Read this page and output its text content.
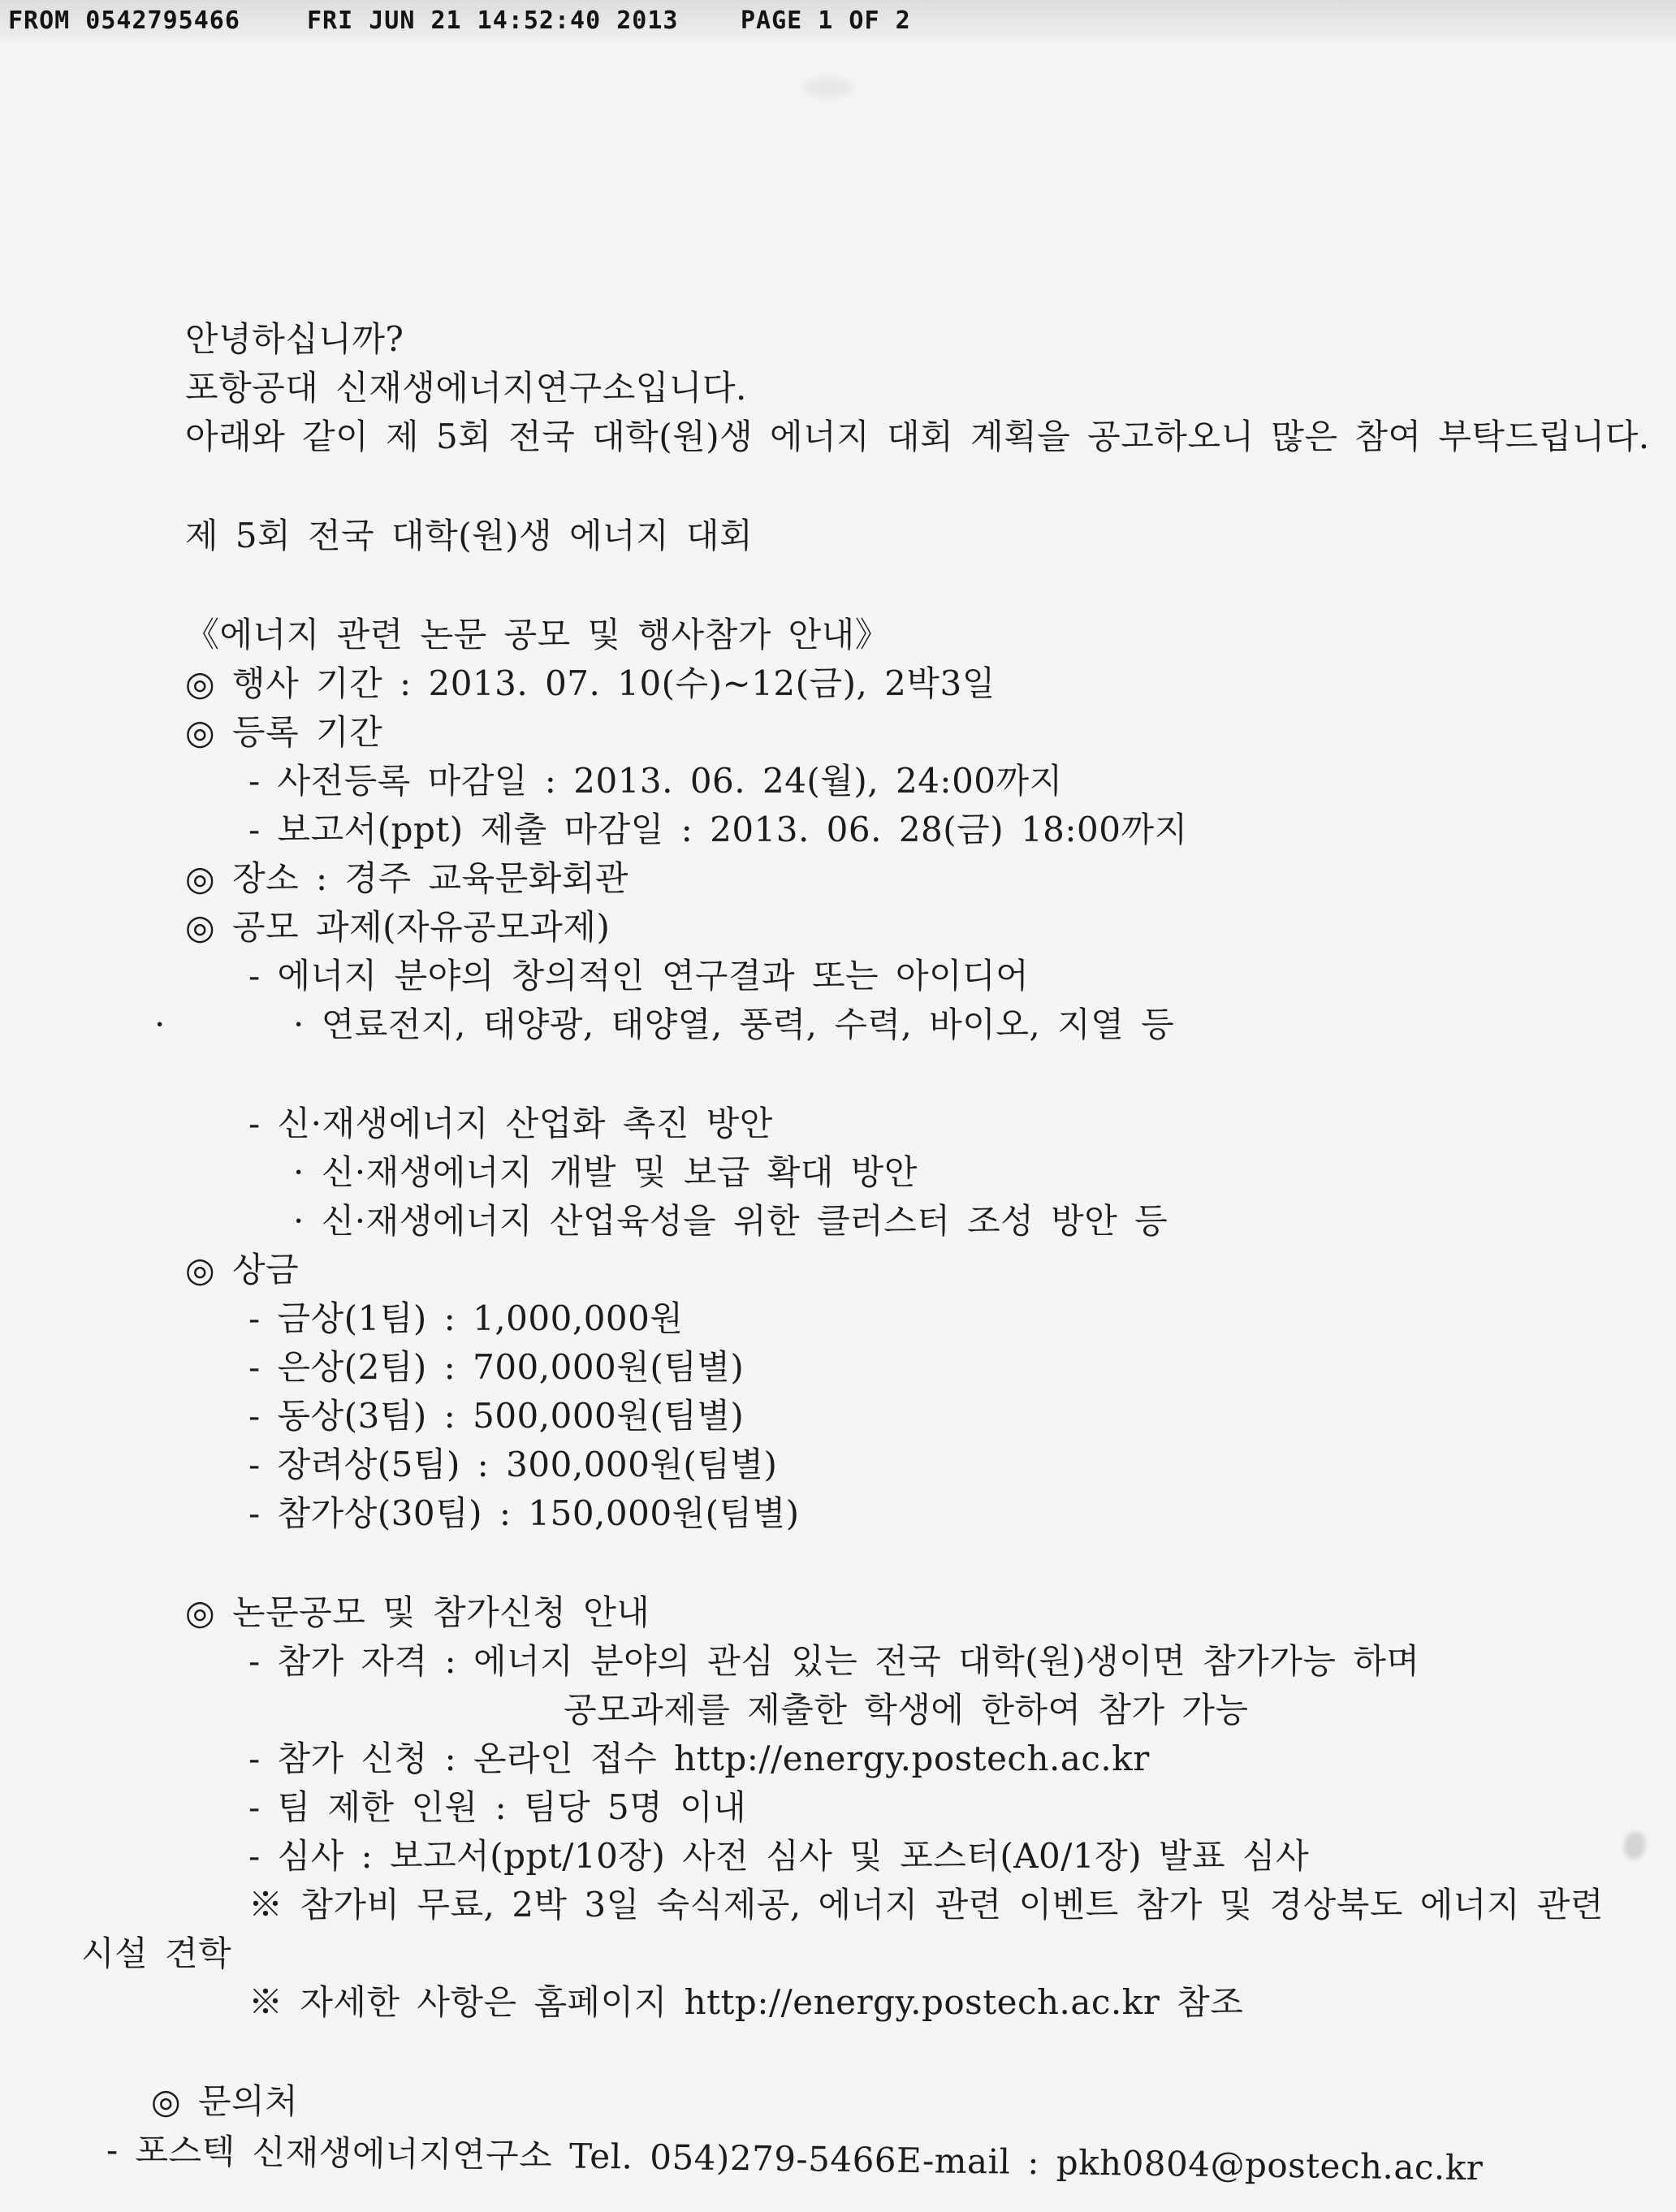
FROM 0542795466	FRI JUN 21 14:52:40 2013	PAGE 1 OF 2
안녕하십니까?
포항공대 신재생에너지연구소입니다.
아래와 같이 제 5회 전국 대학(원)생 에너지 대회 계획을 공고하오니 많은 참여 부탁드립니다.
제 5회 전국 대학(원)생 에너지 대회
《에너지 관련 논문 공모 및 행사참가 안내》
◎ 행사 기간 : 2013. 07. 10(수)~12(금), 2박3일
◎ 등록 기간
- 사전등록 마감일 : 2013. 06. 24(월), 24:00까지
- 보고서(ppt) 제출 마감일 : 2013. 06. 28(금) 18:00까지
◎ 장소 : 경주 교육문화회관
◎ 공모 과제(자유공모과제)
- 에너지 분야의 창의적인 연구결과 또는 아이디어
·	· 연료전지, 태양광, 태양열, 풍력, 수력, 바이오, 지열 등
- 신·재생에너지 산업화 촉진 방안
· 신·재생에너지 개발 및 보급 확대 방안
· 신·재생에너지 산업육성을 위한 클러스터 조성 방안 등
◎ 상금
- 금상(1팀) : 1,000,000원
- 은상(2팀) : 700,000원(팀별)
- 동상(3팀) : 500,000원(팀별)
- 장려상(5팀) : 300,000원(팀별)
- 참가상(30팀) : 150,000원(팀별)
◎ 논문공모 및 참가신청 안내
- 참가 자격 : 에너지 분야의 관심 있는 전국 대학(원)생이면 참가가능 하며
공모과제를 제출한 학생에 한하여 참가 가능
- 참가 신청 : 온라인 접수 http://energy.postech.ac.kr
- 팀 제한 인원 : 팀당 5명 이내
- 심사 : 보고서(ppt/10장) 사전 심사 및 포스터(A0/1장) 발표 심사
※ 참가비 무료, 2박 3일 숙식제공, 에너지 관련 이벤트 참가 및 경상북도 에너지 관련
시설 견학
※ 자세한 사항은 홈페이지 http://energy.postech.ac.kr 참조
◎ 문의처
- 포스텍 신재생에너지연구소 Tel. 054)279-5466E-mail : pkh0804@postech.ac.kr
